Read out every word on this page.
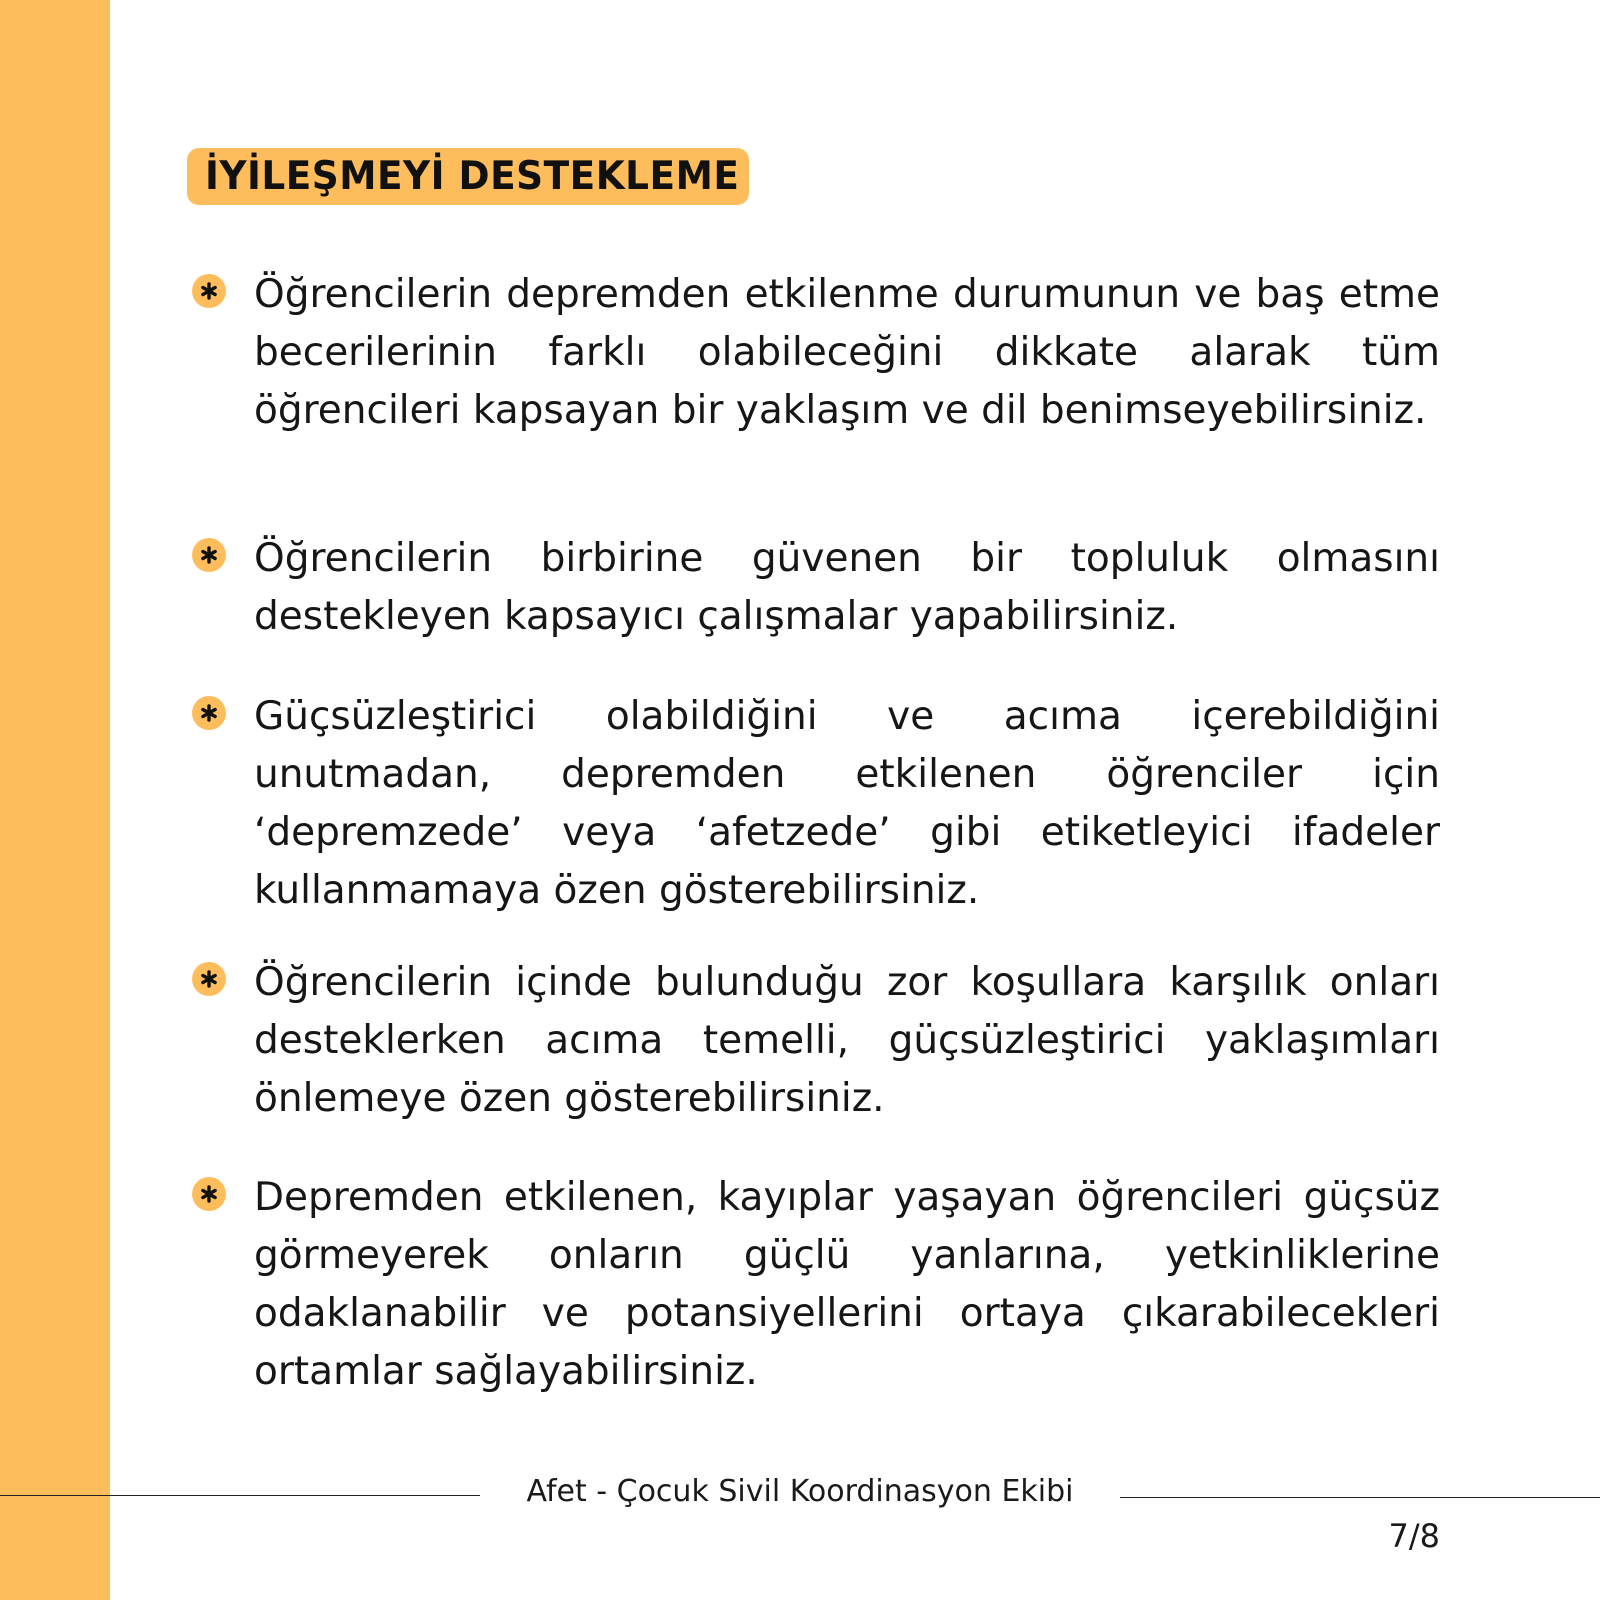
İYİLEŞMEYİ DESTEKLEME
Öğrencilerin depremden etkilenme durumunun ve baş etme becerilerinin farklı olabileceğini dikkate alarak tüm öğrencileri kapsayan bir yaklaşım ve dil benimseyebilirsiniz.
Öğrencilerin birbirine güvenen bir topluluk olmasını destekleyen kapsayıcı çalışmalar yapabilirsiniz.
Güçsüzleştirici olabildiğini ve acıma içerebildiğini unutmadan, depremden etkilenen öğrenciler için ‘depremzede’ veya ‘afetzede’ gibi etiketleyici ifadeler kullanmamaya özen gösterebilirsiniz.
Öğrencilerin içinde bulunduğu zor koşullara karşılık onları desteklerken acıma temelli, güçsüzleştirici yaklaşımları önlemeye özen gösterebilirsiniz.
Depremden etkilenen, kayıplar yaşayan öğrencileri güçsüz görmeyerek onların güçlü yanlarına, yetkinliklerine odaklanabilir ve potansiyellerini ortaya çıkarabilecekleri ortamlar sağlayabilirsiniz.
Afet - Çocuk Sivil Koordinasyon Ekibi
7/8
